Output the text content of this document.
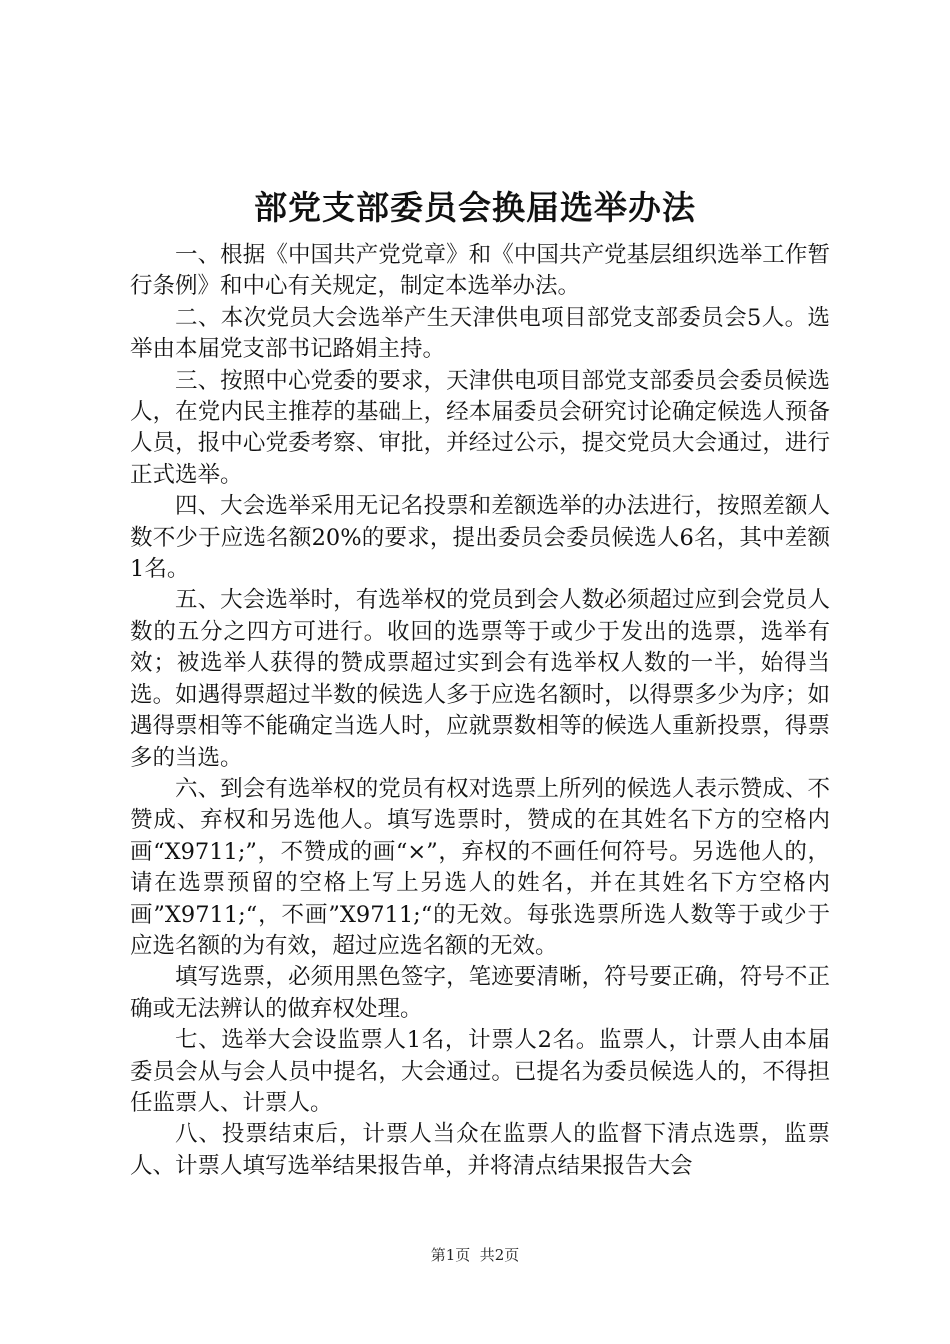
部党支部委员会换届选举办法

一、根据《中国共产党党章》和《中国共产党基层组织选举工作暂行条例》和中心有关规定，制定本选举办法。

二、本次党员大会选举产生天津供电项目部党支部委员会5人。选举由本届党支部书记路娟主持。

三、按照中心党委的要求，天津供电项目部党支部委员会委员候选人，在党内民主推荐的基础上，经本届委员会研究讨论确定候选人预备人员，报中心党委考察、审批，并经过公示，提交党员大会通过，进行正式选举。

四、大会选举采用无记名投票和差额选举的办法进行，按照差额人数不少于应选名额20%的要求，提出委员会委员候选人6名，其中差额1名。

五、大会选举时，有选举权的党员到会人数必须超过应到会党员人数的五分之四方可进行。收回的选票等于或少于发出的选票，选举有效；被选举人获得的赞成票超过实到会有选举权人数的一半，始得当选。如遇得票超过半数的候选人多于应选名额时，以得票多少为序；如遇得票相等不能确定当选人时，应就票数相等的候选人重新投票，得票多的当选。

六、到会有选举权的党员有权对选票上所列的候选人表示赞成、不赞成、弃权和另选他人。填写选票时，赞成的在其姓名下方的空格内画“X9711;”，不赞成的画“×”，弃权的不画任何符号。另选他人的，请在选票预留的空格上写上另选人的姓名，并在其姓名下方空格内画”X9711;“，不画”X9711;“的无效。每张选票所选人数等于或少于应选名额的为有效，超过应选名额的无效。

填写选票，必须用黑色签字，笔迹要清晰，符号要正确，符号不正确或无法辨认的做弃权处理。

七、选举大会设监票人1名，计票人2名。监票人，计票人由本届委员会从与会人员中提名，大会通过。已提名为委员候选人的，不得担任监票人、计票人。

八、投票结束后，计票人当众在监票人的监督下清点选票，监票人、计票人填写选举结果报告单，并将清点结果报告大会

第1页  共2页
